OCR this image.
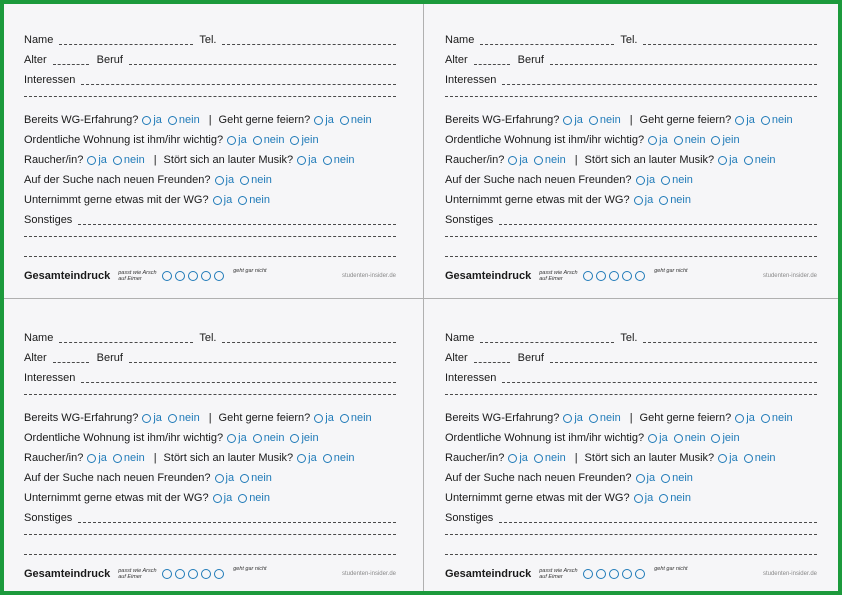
Name	Tel.
Alter	Beruf
Interessen
Bereits WG-Erfahrung? ja nein | Geht gerne feiern? ja nein
Ordentliche Wohnung ist ihm/ihr wichtig? ja nein jein
Raucher/in? ja nein | Stört sich an lauter Musik? ja nein
Auf der Suche nach neuen Freunden? ja nein
Unternimmt gerne etwas mit der WG? ja nein
Sonstiges
Gesamteindruck passt wie Arsch auf Eimer
geht gar nicht
studenten-insider.de
Name	Tel.
Alter	Beruf
Interessen
Bereits WG-Erfahrung? ja nein | Geht gerne feiern? ja nein
Ordentliche Wohnung ist ihm/ihr wichtig? ja nein jein
Raucher/in? ja nein | Stört sich an lauter Musik? ja nein
Auf der Suche nach neuen Freunden? ja nein
Unternimmt gerne etwas mit der WG? ja nein
Sonstiges
Gesamteindruck passt wie Arsch auf Eimer
geht gar nicht
studenten-insider.de
Name	Tel.
Alter	Beruf
Interessen
Bereits WG-Erfahrung? ja nein | Geht gerne feiern? ja nein
Ordentliche Wohnung ist ihm/ihr wichtig? ja nein jein
Raucher/in? ja nein | Stört sich an lauter Musik? ja nein
Auf der Suche nach neuen Freunden? ja nein
Unternimmt gerne etwas mit der WG? ja nein
Sonstiges
Gesamteindruck passt wie Arsch auf Eimer
geht gar nicht
studenten-insider.de
Name	Tel.
Alter	Beruf
Interessen
Bereits WG-Erfahrung? ja nein | Geht gerne feiern? ja nein
Ordentliche Wohnung ist ihm/ihr wichtig? ja nein jein
Raucher/in? ja nein | Stört sich an lauter Musik? ja nein
Auf der Suche nach neuen Freunden? ja nein
Unternimmt gerne etwas mit der WG? ja nein
Sonstiges
Gesamteindruck passt wie Arsch auf Eimer
geht gar nicht
studenten-insider.de
